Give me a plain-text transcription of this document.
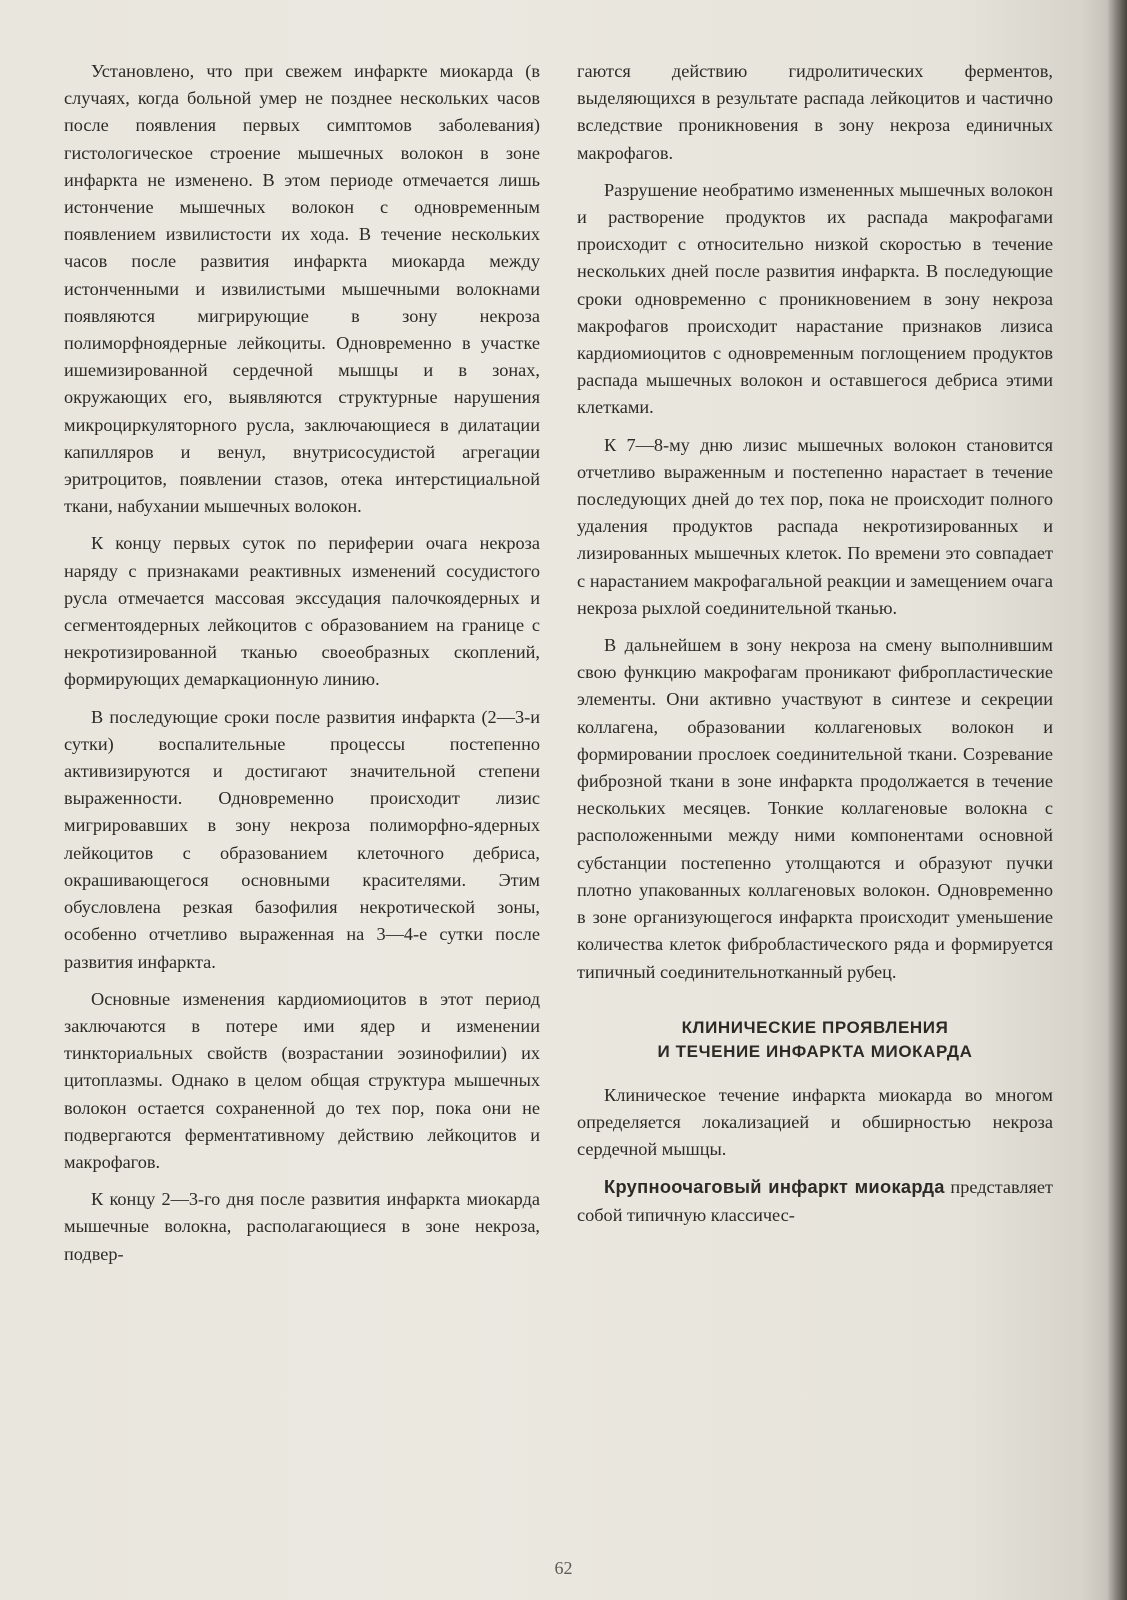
Установлено, что при свежем инфаркте миокарда (в случаях, когда больной умер не позднее нескольких часов после появления первых симптомов заболевания) гистологическое строение мышечных волокон в зоне инфаркта не изменено. В этом периоде отмечается лишь истончение мышечных волокон с одновременным появлением извилистости их хода. В течение нескольких часов после развития инфаркта миокарда между истонченными и извилистыми мышечными волокнами появляются мигрирующие в зону некроза полиморфноядерные лейкоциты. Одновременно в участке ишемизированной сердечной мышцы и в зонах, окружающих его, выявляются структурные нарушения микроциркуляторного русла, заключающиеся в дилатации капилляров и венул, внутрисосудистой агрегации эритроцитов, появлении стазов, отека интерстициальной ткани, набухании мышечных волокон.

К концу первых суток по периферии очага некроза наряду с признаками реактивных изменений сосудистого русла отмечается массовая экссудация палочкоядерных и сегментоядерных лейкоцитов с образованием на границе с некротизированной тканью своеобразных скоплений, формирующих демаркационную линию.

В последующие сроки после развития инфаркта (2—3-и сутки) воспалительные процессы постепенно активизируются и достигают значительной степени выраженности. Одновременно происходит лизис мигрировавших в зону некроза полиморфно-ядерных лейкоцитов с образованием клеточного дебриса, окрашивающегося основными красителями. Этим обусловлена резкая базофилия некротической зоны, особенно отчетливо выраженная на 3—4-е сутки после развития инфаркта.

Основные изменения кардиомиоцитов в этот период заключаются в потере ими ядер и изменении тинкториальных свойств (возрастании эозинофилии) их цитоплазмы. Однако в целом общая структура мышечных волокон остается сохраненной до тех пор, пока они не подвергаются ферментативному действию лейкоцитов и макрофагов.

К концу 2—3-го дня после развития инфаркта миокарда мышечные волокна, располагающиеся в зоне некроза, подвер-

гаются действию гидролитических ферментов, выделяющихся в результате распада лейкоцитов и частично вследствие проникновения в зону некроза единичных макрофагов.

Разрушение необратимо измененных мышечных волокон и растворение продуктов их распада макрофагами происходит с относительно низкой скоростью в течение нескольких дней после развития инфаркта. В последующие сроки одновременно с проникновением в зону некроза макрофагов происходит нарастание признаков лизиса кардиомиоцитов с одновременным поглощением продуктов распада мышечных волокон и оставшегося дебриса этими клетками.

К 7—8-му дню лизис мышечных волокон становится отчетливо выраженным и постепенно нарастает в течение последующих дней до тех пор, пока не происходит полного удаления продуктов распада некротизированных и лизированных мышечных клеток. По времени это совпадает с нарастанием макрофагальной реакции и замещением очага некроза рыхлой соединительной тканью.

В дальнейшем в зону некроза на смену выполнившим свою функцию макрофагам проникают фибропластические элементы. Они активно участвуют в синтезе и секреции коллагена, образовании коллагеновых волокон и формировании прослоек соединительной ткани. Созревание фиброзной ткани в зоне инфаркта продолжается в течение нескольких месяцев. Тонкие коллагеновые волокна с расположенными между ними компонентами основной субстанции постепенно утолщаются и образуют пучки плотно упакованных коллагеновых волокон. Одновременно в зоне организующегося инфаркта происходит уменьшение количества клеток фибробластического ряда и формируется типичный соединительнотканный рубец.

КЛИНИЧЕСКИЕ ПРОЯВЛЕНИЯ
И ТЕЧЕНИЕ ИНФАРКТА МИОКАРДА

Клиническое течение инфаркта миокарда во многом определяется локализацией и обширностью некроза сердечной мышцы.

Крупноочаговый инфаркт миокарда представляет собой типичную классичес-

62
